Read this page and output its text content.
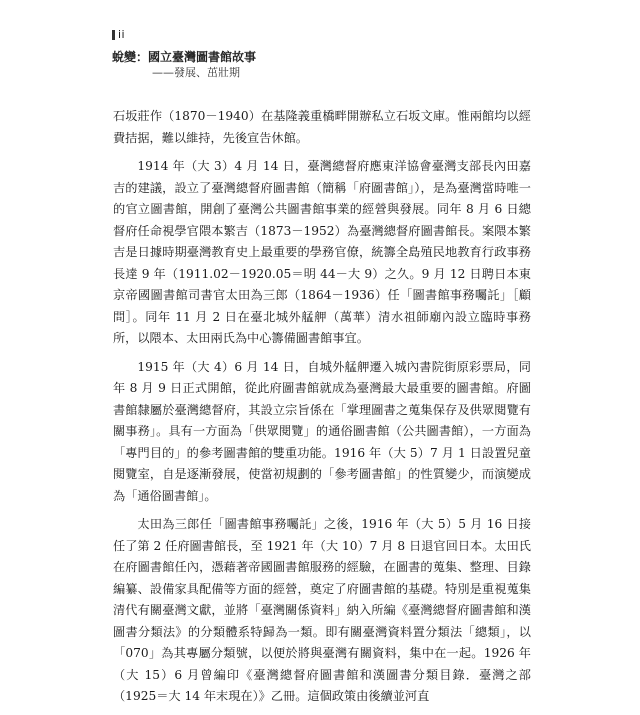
ii
蛻變：國立臺灣圖書館故事
——發展、茁壯期

石坂莊作（1870－1940）在基隆義重橋畔開辦私立石坂文庫。惟兩館均以經費拮据，難以維持，先後宣告休館。

1914 年（大 3）4 月 14 日，臺灣總督府應東洋協會臺灣支部長內田嘉吉的建議，設立了臺灣總督府圖書館（簡稱「府圖書館」），是為臺灣當時唯一的官立圖書館，開創了臺灣公共圖書館事業的經營與發展。同年 8 月 6 日總督府任命視學官隈本繁吉（1873－1952）為臺灣總督府圖書館長。案隈本繁吉是日據時期臺灣教育史上最重要的學務官僚，統籌全島殖民地教育行政事務長達 9 年（1911.02－1920.05＝明 44－大 9）之久。9 月 12 日聘日本東京帝國圖書館司書官太田為三郎（1864－1936）任「圖書館事務囑託」［顧問］。同年 11 月 2 日在臺北城外艋舺（萬華）清水祖師廟內設立臨時事務所，以隈本、太田兩氏為中心籌備圖書館事宜。

1915 年（大 4）6 月 14 日，自城外艋舺遷入城內書院街原彩票局，同年 8 月 9 日正式開館，從此府圖書館就成為臺灣最大最重要的圖書館。府圖書館隸屬於臺灣總督府，其設立宗旨係在「掌理圖書之蒐集保存及供眾閱覽有關事務」。具有一方面為「供眾閱覽」的通俗圖書館（公共圖書館），一方面為「專門目的」的參考圖書館的雙重功能。1916 年（大 5）7 月 1 日設置兒童閱覽室，自是逐漸發展，使當初規劃的「參考圖書館」的性質變少，而演變成為「通俗圖書館」。

太田為三郎任「圖書館事務囑託」之後，1916 年（大 5）5 月 16 日接任了第 2 任府圖書館長，至 1921 年（大 10）7 月 8 日退官回日本。太田氏在府圖書館任內，憑藉著帝國圖書館服務的經驗，在圖書的蒐集、整理、目錄編纂、設備家具配備等方面的經營，奠定了府圖書館的基礎。特別是重視蒐集清代有關臺灣文獻，並將「臺灣關係資料」納入所編《臺灣總督府圖書館和漢圖書分類法》的分類體系特歸為一類。即有關臺灣資料置分類法「總類」，以「070」為其專屬分類號，以便於將與臺灣有關資料，集中在一起。1926 年（大 15）6 月曾編印《臺灣總督府圖書館和漢圖書分類目錄．臺灣之部（1925＝大 14 年末現在）》乙冊。這個政策由後續並河直
